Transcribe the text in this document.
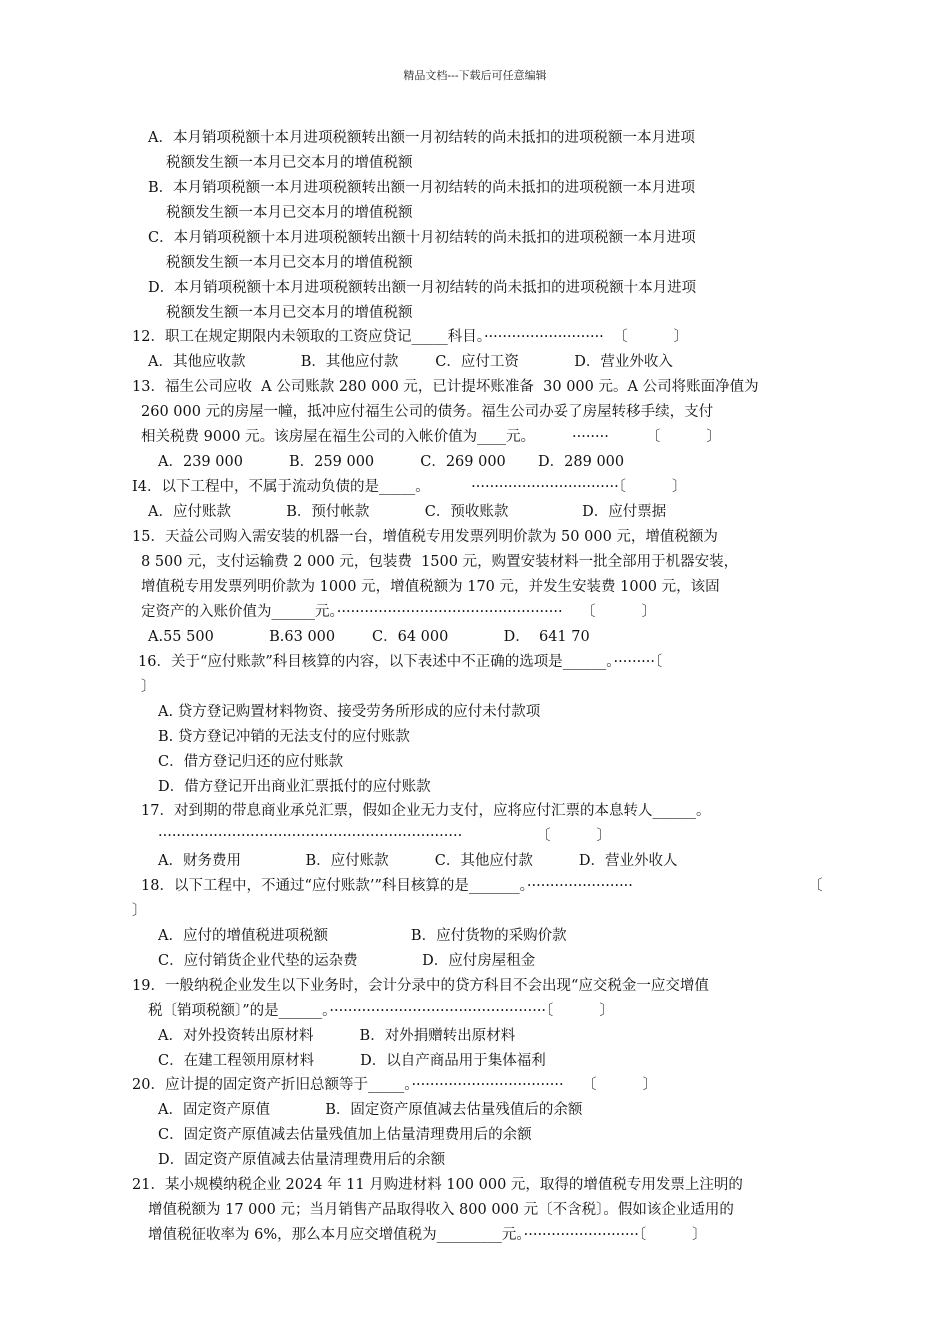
精品文档---下载后可任意编辑
A．本月销项税额十本月进项税额转出额一月初结转的尚未抵扣的进项税额一本月进项
税额发生额一本月已交本月的增值税额
B．本月销项税额一本月进项税额转出额一月初结转的尚未抵扣的进项税额一本月进项
税额发生额一本月已交本月的增值税额
C．本月销项税额十本月进项税额转出额十月初结转的尚未抵扣的进项税额一本月进项
税额发生额一本月已交本月的增值税额
D．本月销项税额十本月进项税额转出额一月初结转的尚未抵扣的进项税额十本月进项
税额发生额一本月已交本月的增值税额
12．职工在规定期限内未领取的工资应贷记_____科目。··························  〔          〕
A．其他应收款            B．其他应付款        C．应付工资            D．营业外收入
13．福生公司应收  A 公司账款 280 000 元，已计提坏账准备  30 000 元。A 公司将账面净值为
260 000 元的房屋一幢，抵冲应付福生公司的债务。福生公司办妥了房屋转移手续，支付
相关税费 9000 元。该房屋在福生公司的入帐价值为____元。        ········        〔          〕
A．239 000          B．259 000          C．269 000       D．289 000
I4．以下工程中，不属于流动负债的是_____。         ································〔          〕
A．应付账款            B．预付帐款            C．预收账款                D．应付票据
15．天益公司购入需安装的机器一台，增值税专用发票列明价款为 50 000 元，增值税额为
8 500 元，支付运输费 2 000 元，包装费  1500 元，购置安装材料一批全部用于机器安装，
增值税专用发票列明价款为 1000 元，增值税额为 170 元，并发生安装费 1000 元，该固
定资产的入账价值为______元。·················································    〔          〕
A.55 500            B.63 000        C．64 000            D．  641 70
16．关于“应付账款”科目核算的内容，以下表述中不正确的选项是______。·········〔
〕
A. 贷方登记购置材料物资、接受劳务所形成的应付未付款项
B. 贷方登记冲销的无法支付的应付账款
C．借方登记归还的应付账款
D．借方登记开出商业汇票抵付的应付账款
17．对到期的带息商业承兑汇票，假如企业无力支付，应将应付汇票的本息转人______。
··································································                〔          〕
A．财务费用              B．应付账款          C．其他应付款          D．营业外收人
18．以下工程中，不通过“应付账款’”科目核算的是_______。·······················	〔
〕
A．应付的增值税进项税额                  B．应付货物的采购价款
C．应付销货企业代垫的运杂费              D．应付房屋租金
19．一般纳税企业发生以下业务时，会计分录中的贷方科目不会出现“应交税金一应交增值
税〔销项税额〕”的是______。···············································〔          〕
A．对外投资转出原材料          B．对外捐赠转出原材料
C．在建工程领用原材料          D．以自产商品用于集体福利
20．应计提的固定资产折旧总额等于_____。·································    〔          〕
A．固定资产原值            B．固定资产原值减去估量残值后的余额
C．固定资产原值减去估量残值加上估量清理费用后的余额
D．固定资产原值减去估量清理费用后的余额
21．某小规模纳税企业 2024 年 11 月购进材料 100 000 元，取得的增值税专用发票上注明的
增值税额为 17 000 元；当月销售产品取得收入 800 000 元〔不含税〕。假如该企业适用的
增值税征收率为 6%，那么本月应交增值税为_________元。·························〔          〕
